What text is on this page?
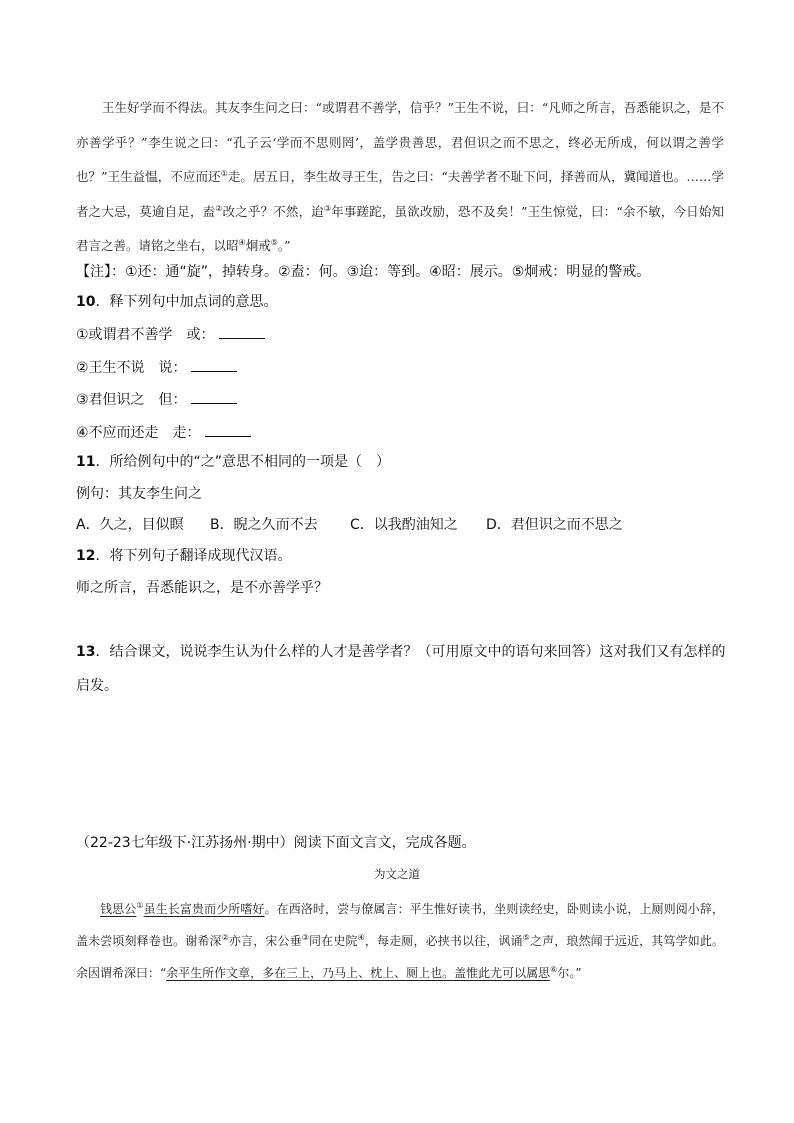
王生好学而不得法。其友李生问之曰：“或谓君不善学，信乎？”王生不说，曰：“凡师之所言，吾悉能识之，是不亦善学乎？”李生说之曰：“孔子云‘学而不思则罔’，盖学贵善思，君但识之而不思之，终必无所成，何以谓之善学也？”王生益愠，不应而还①走。居五日，李生故寻王生，告之曰：“夫善学者不耻下问，择善而从，冀闻道也。……学者之大忌，莫逾自足，盍②改之乎？不然，迨③年事蹉跎，虽欲改励，恐不及矣！”王生惊觉，曰：“余不敏，今日始知君言之善。请铭之坐右，以昭④炯戒⑤。”

【注】：①还：通“旋”，掉转身。②盍：何。③迨：等到。④昭：展示。⑤炯戒：明显的警戒。
10．释下列句中加点词的意思。
①或谓君不善学　或：
②王生不说　说：
③君但识之　但：
④不应而还走　走：
11．所给例句中的“之”意思不相同的一项是（　）
例句：其友李生问之
A．久之，目似瞑 B．睨之久而不去 C．以我酌油知之 D．君但识之而不思之
12．将下列句子翻译成现代汉语。
师之所言，吾悉能识之，是不亦善学乎？

13．结合课文，说说李生认为什么样的人才是善学者？（可用原文中的语句来回答）这对我们又有怎样的启发。

（22-23七年级下·江苏扬州·期中）阅读下面文言文，完成各题。
为文之道

钱思公①虽生长富贵而少所嗜好。在西洛时，尝与僚属言：平生惟好读书，坐则读经史，卧则读小说，上厕则阅小辞，盖未尝顷刻释卷也。谢希深②亦言，宋公垂③同在史院④，每走厕，必挟书以往，讽诵⑤之声，琅然闻于远近，其笃学如此。余因谓希深曰：“余平生所作文章，多在三上，乃马上、枕上、厕上也。盖惟此尤可以属思⑥尔。”
